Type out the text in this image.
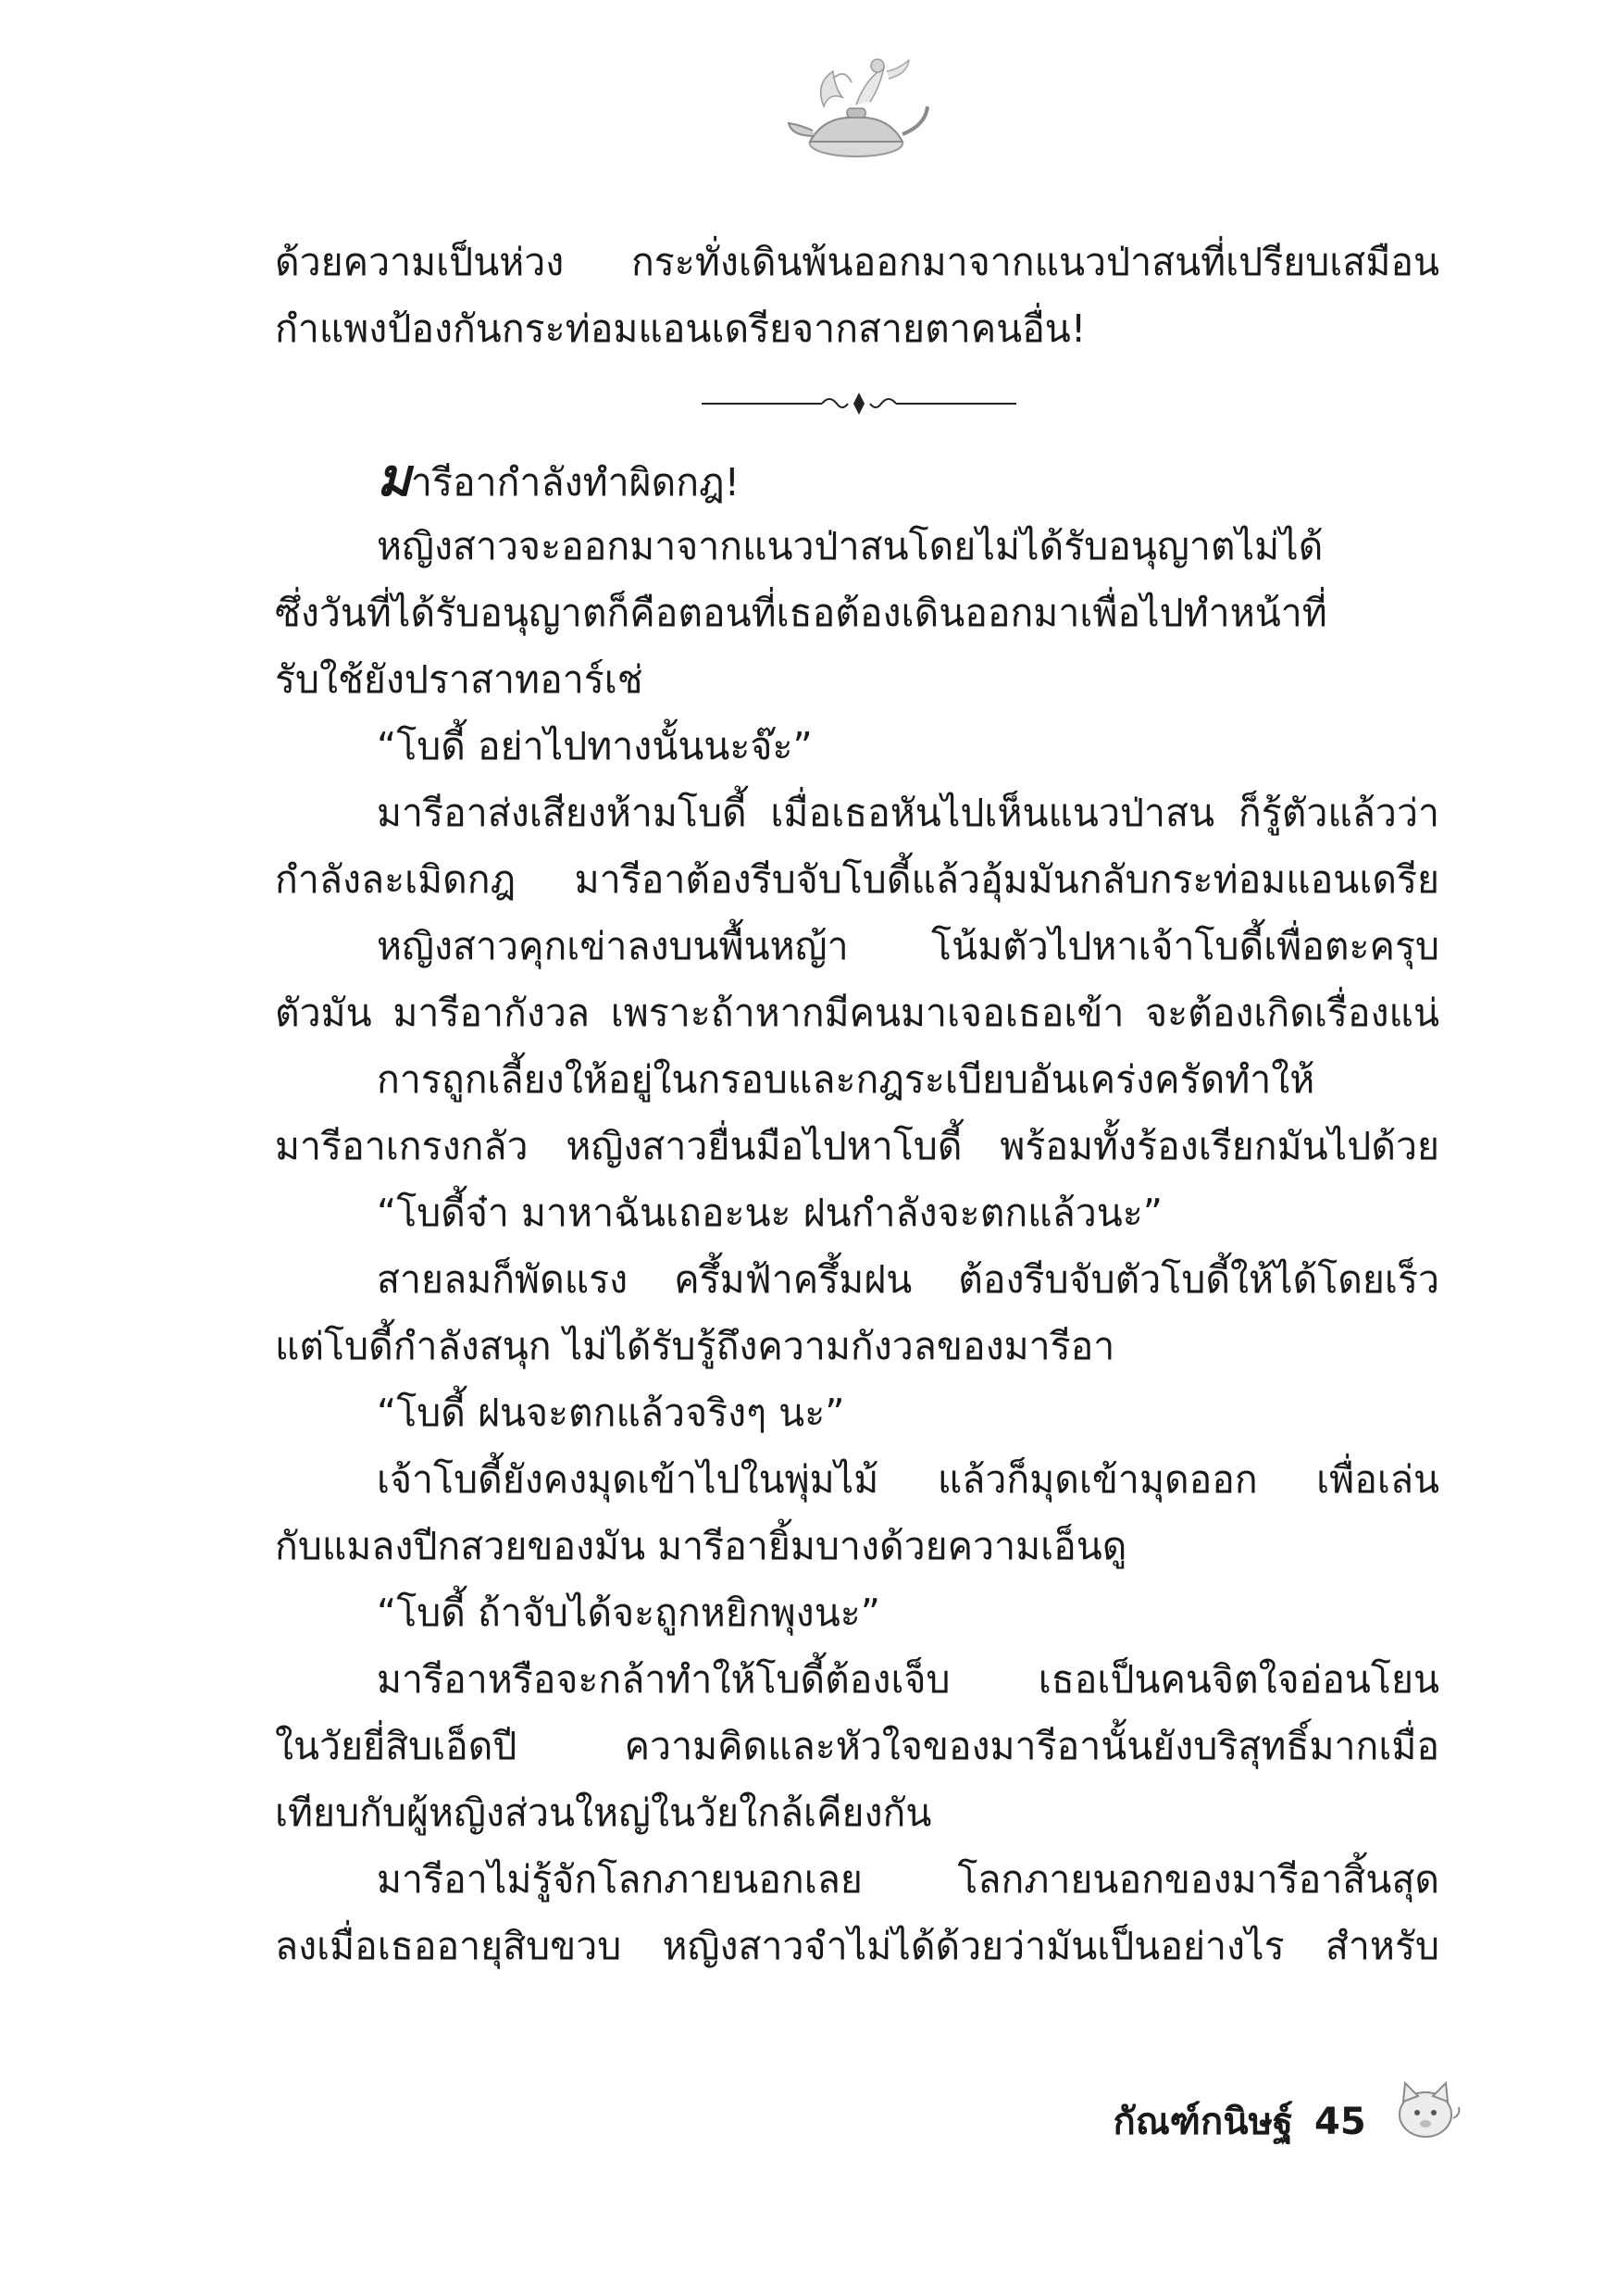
ด้วยความเป็นห่วง กระทั่งเดินพ้นออกมาจากแนวป่าสนที่เปรียบเสมือน
กำแพงป้องกันกระท่อมแอนเดรียจากสายตาคนอื่น!
มารีอากำลังทำผิดกฎ!
หญิงสาวจะออกมาจากแนวป่าสนโดยไม่ได้รับอนุญาตไม่ได้
ซึ่งวันที่ได้รับอนุญาตก็คือตอนที่เธอต้องเดินออกมาเพื่อไปทำหน้าที่
รับใช้ยังปราสาทอาร์เช่
“โบดี้ อย่าไปทางนั้นนะจ๊ะ”
มารีอาส่งเสียงห้ามโบดี้ เมื่อเธอหันไปเห็นแนวป่าสน ก็รู้ตัวแล้วว่า
กำลังละเมิดกฎ มารีอาต้องรีบจับโบดี้แล้วอุ้มมันกลับกระท่อมแอนเดรีย
หญิงสาวคุกเข่าลงบนพื้นหญ้า โน้มตัวไปหาเจ้าโบดี้เพื่อตะครุบ
ตัวมัน มารีอากังวล เพราะถ้าหากมีคนมาเจอเธอเข้า จะต้องเกิดเรื่องแน่
การถูกเลี้ยงให้อยู่ในกรอบและกฎระเบียบอันเคร่งครัดทำให้
มารีอาเกรงกลัว หญิงสาวยื่นมือไปหาโบดี้ พร้อมทั้งร้องเรียกมันไปด้วย
“โบดี้จ๋า มาหาฉันเถอะนะ ฝนกำลังจะตกแล้วนะ”
สายลมก็พัดแรง ครึ้มฟ้าครึ้มฝน ต้องรีบจับตัวโบดี้ให้ได้โดยเร็ว
แต่โบดี้กำลังสนุก ไม่ได้รับรู้ถึงความกังวลของมารีอา
“โบดี้ ฝนจะตกแล้วจริงๆ นะ”
เจ้าโบดี้ยังคงมุดเข้าไปในพุ่มไม้ แล้วก็มุดเข้ามุดออก เพื่อเล่น
กับแมลงปีกสวยของมัน มารีอายิ้มบางด้วยความเอ็นดู
“โบดี้ ถ้าจับได้จะถูกหยิกพุงนะ”
มารีอาหรือจะกล้าทำให้โบดี้ต้องเจ็บ เธอเป็นคนจิตใจอ่อนโยน
ในวัยยี่สิบเอ็ดปี ความคิดและหัวใจของมารีอานั้นยังบริสุทธิ์มากเมื่อ
เทียบกับผู้หญิงส่วนใหญ่ในวัยใกล้เคียงกัน
มารีอาไม่รู้จักโลกภายนอกเลย โลกภายนอกของมารีอาสิ้นสุด
ลงเมื่อเธออายุสิบขวบ หญิงสาวจำไม่ได้ด้วยว่ามันเป็นอย่างไร สำหรับ
กัณฑ์กนิษฐ์ 45
